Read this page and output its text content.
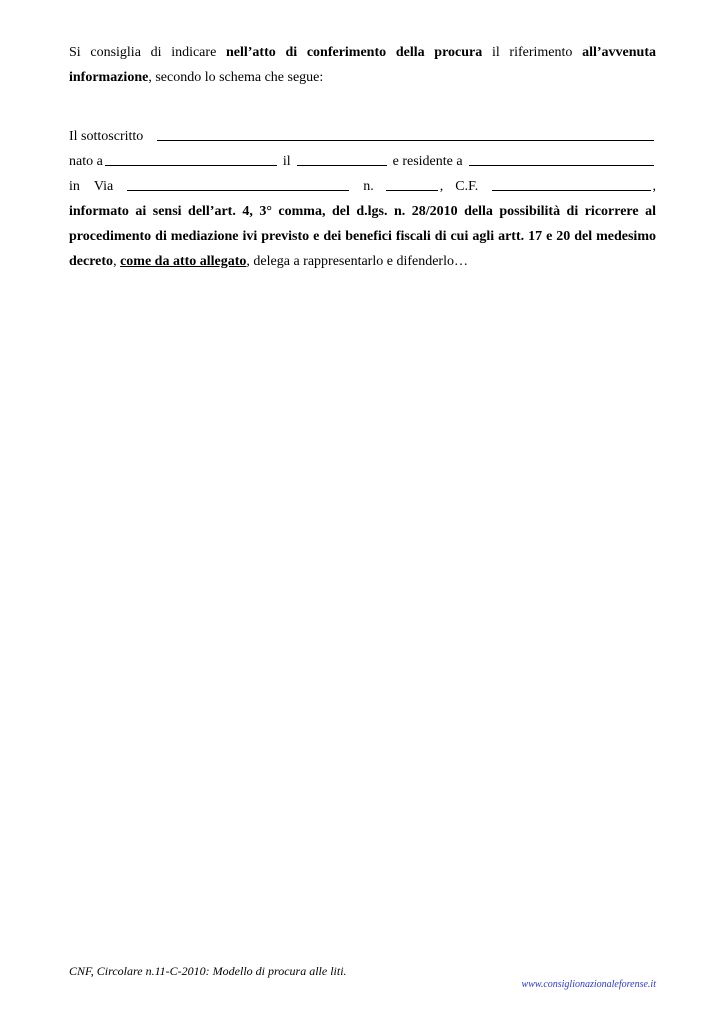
Si consiglia di indicare nell’atto di conferimento della procura il riferimento all’avvenuta informazione, secondo lo schema che segue:

Il sottoscritto
nato a	il	e residente a
in Via	n.	, C.F.	,

informato ai sensi dell’art. 4, 3° comma, del d.lgs. n. 28/2010 della possibilità di ricorrere al procedimento di mediazione ivi previsto e dei benefici fiscali di cui agli artt. 17 e 20 del medesimo decreto, come da atto allegato, delega a rappresentarlo e difenderlo…

CNF, Circolare n.11-C-2010: Modello di procura alle liti.
www.consiglionazionaleforense.it
